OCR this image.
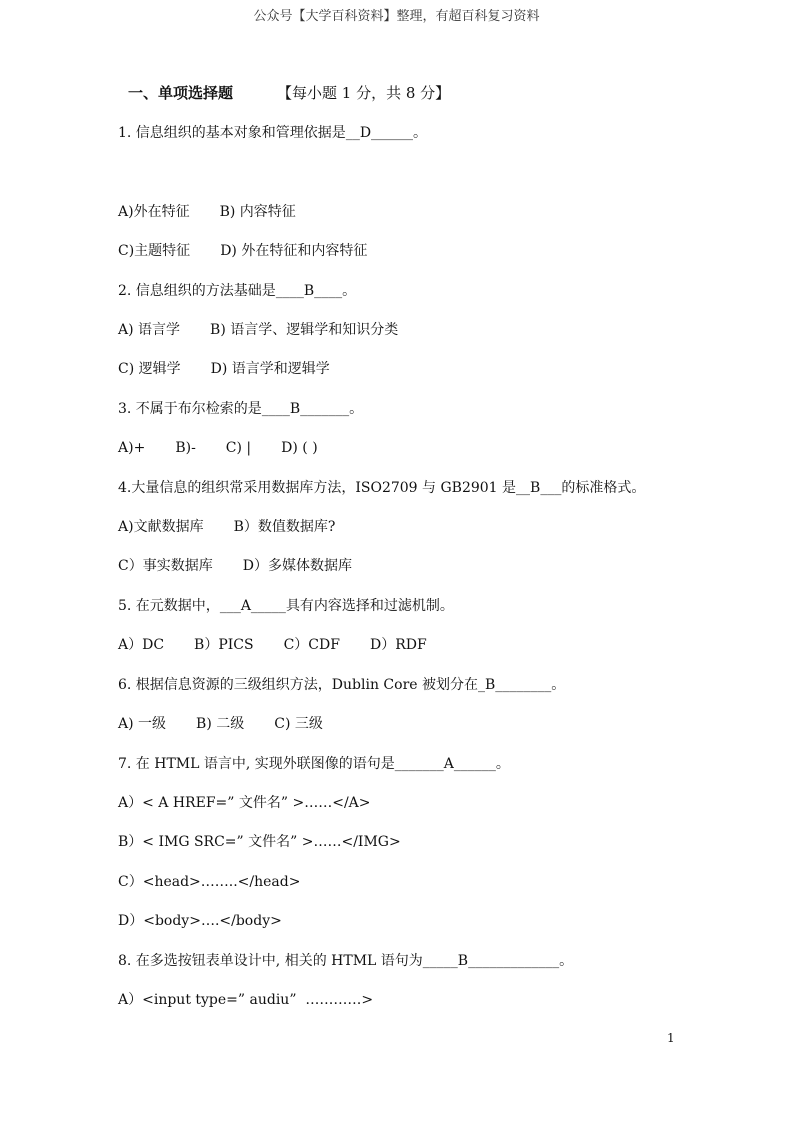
公众号【大学百科资料】整理，有超百科复习资料
一、单项选择题	【每小题 1 分，共 8 分】
1. 信息组织的基本对象和管理依据是__D______。
A)外在特征 B) 内容特征
C)主题特征 D) 外在特征和内容特征
2. 信息组织的方法基础是____B____。
A) 语言学 B) 语言学、逻辑学和知识分类
C) 逻辑学 D) 语言学和逻辑学
3. 不属于布尔检索的是____B_______。
A)+ B)- C) | D) ( )
4.大量信息的组织常采用数据库方法，ISO2709 与 GB2901 是__B___的标准格式。
A)文献数据库 B）数值数据库?
C）事实数据库 D）多媒体数据库
5. 在元数据中，___A_____具有内容选择和过滤机制。
A）DC B）PICS C）CDF D）RDF
6. 根据信息资源的三级组织方法，Dublin Core 被划分在_B________。
A) 一级 B) 二级 C) 三级
7. 在 HTML 语言中, 实现外联图像的语句是_______A______。
A）< A HREF=” 文件名” >……</A>
B）< IMG SRC=” 文件名” >……</IMG>
C）<head>……..</head>
D）<body>….</body>
8. 在多选按钮表单设计中, 相关的 HTML 语句为_____B_____________。
A）<input type=” audiu”  …………>
1
